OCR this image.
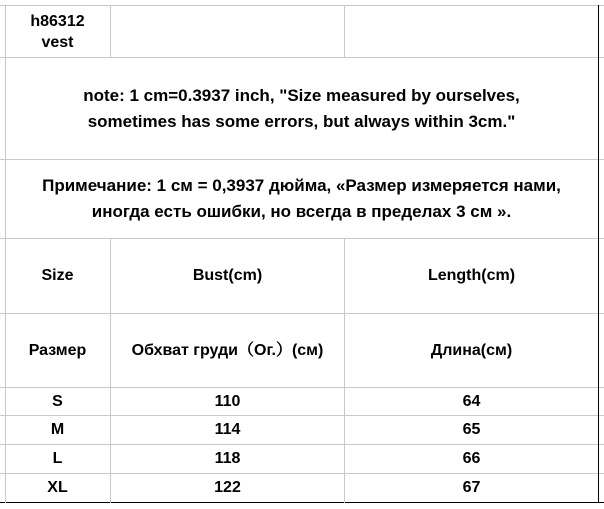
h86312
vest
note: 1 cm=0.3937 inch, "Size measured by ourselves,
sometimes has some errors, but always within 3cm."
Примечание: 1 см = 0,3937 дюйма, «Размер измеряется нами,
иногда есть ошибки, но всегда в пределах 3 см ».
Size	Bust(cm)	Length(cm)
Размер	Обхват груди（Ог.）(см)	Длина(см)
S	110	64
M	114	65
L	118	66
XL	122	67
